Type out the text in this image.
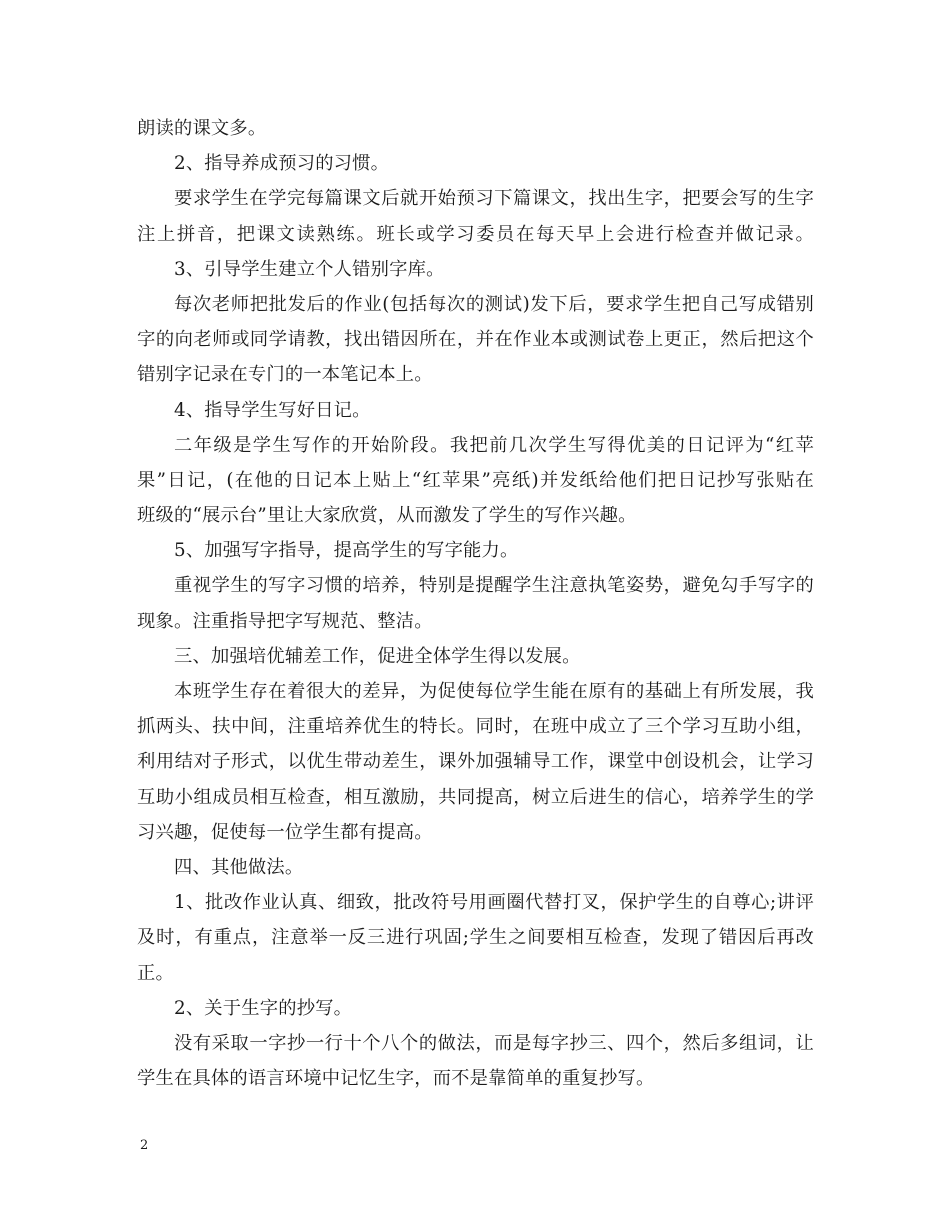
朗读的课文多。
2、指导养成预习的习惯。
要求学生在学完每篇课文后就开始预习下篇课文，找出生字，把要会写的生字
注上拼音，把课文读熟练。班长或学习委员在每天早上会进行检查并做记录。
3、引导学生建立个人错别字库。
每次老师把批发后的作业(包括每次的测试)发下后，要求学生把自己写成错别
字的向老师或同学请教，找出错因所在，并在作业本或测试卷上更正，然后把这个
错别字记录在专门的一本笔记本上。
4、指导学生写好日记。
二年级是学生写作的开始阶段。我把前几次学生写得优美的日记评为“红苹
果”日记，(在他的日记本上贴上“红苹果”亮纸)并发纸给他们把日记抄写张贴在
班级的“展示台”里让大家欣赏，从而激发了学生的写作兴趣。
5、加强写字指导，提高学生的写字能力。
重视学生的写字习惯的培养，特别是提醒学生注意执笔姿势，避免勾手写字的
现象。注重指导把字写规范、整洁。
三、加强培优辅差工作，促进全体学生得以发展。
本班学生存在着很大的差异，为促使每位学生能在原有的基础上有所发展，我
抓两头、扶中间，注重培养优生的特长。同时，在班中成立了三个学习互助小组，
利用结对子形式，以优生带动差生，课外加强辅导工作，课堂中创设机会，让学习
互助小组成员相互检查，相互激励，共同提高，树立后进生的信心，培养学生的学
习兴趣，促使每一位学生都有提高。
四、其他做法。
1、批改作业认真、细致，批改符号用画圈代替打叉，保护学生的自尊心;讲评
及时，有重点，注意举一反三进行巩固;学生之间要相互检查，发现了错因后再改
正。
2、关于生字的抄写。
没有采取一字抄一行十个八个的做法，而是每字抄三、四个，然后多组词，让
学生在具体的语言环境中记忆生字，而不是靠简单的重复抄写。
2
